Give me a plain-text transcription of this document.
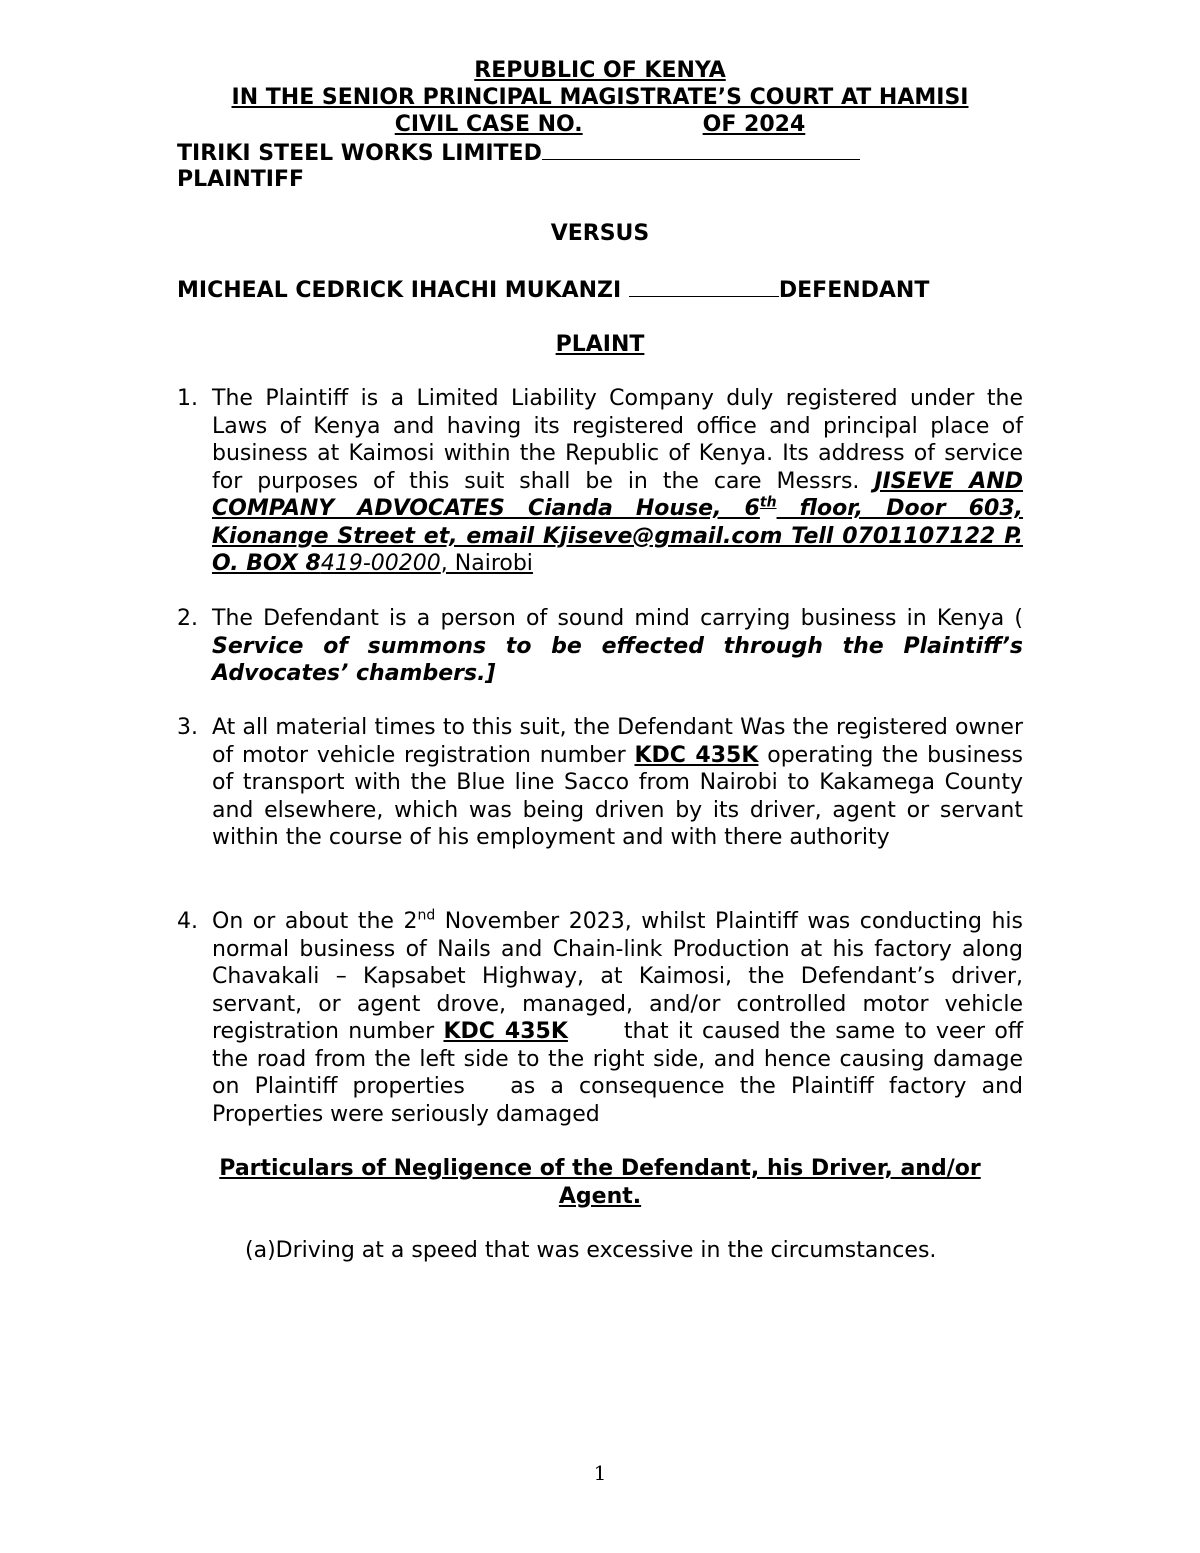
REPUBLIC OF KENYA
IN THE SENIOR PRINCIPAL MAGISTRATE’S COURT AT HAMISI
CIVIL CASE NO.	OF 2024
TIRIKI STEEL WORKS LIMITED
PLAINTIFF
VERSUS
MICHEAL CEDRICK IHACHI MUKANZI	DEFENDANT
PLAINT
1. The Plaintiff is a Limited Liability Company duly registered under the Laws of Kenya and having its registered office and principal place of business at Kaimosi within the Republic of Kenya. Its address of service for purposes of this suit shall be in the care Messrs. JISEVE AND COMPANY ADVOCATES Cianda House, 6th floor, Door 603, Kionange Street et, email Kjiseve@gmail.com Tell 0701107122 P. O. BOX 8419-00200, Nairobi
2. The Defendant is a person of sound mind carrying business in Kenya ( Service of summons to be effected through the Plaintiff’s Advocates’ chambers.]
3. At all material times to this suit, the Defendant Was the registered owner of motor vehicle registration number KDC 435K operating the business of transport with the Blue line Sacco from Nairobi to Kakamega County and elsewhere, which was being driven by its driver, agent or servant within the course of his employment and with there authority
4. On or about the 2nd November 2023, whilst Plaintiff was conducting his normal business of Nails and Chain-link Production at his factory along Chavakali – Kapsabet Highway, at Kaimosi, the Defendant’s driver, servant, or agent drove, managed, and/or controlled motor vehicle registration number KDC 435K      that it caused the same to veer off the road from the left side to the right side, and hence causing damage on Plaintiff properties   as a consequence the Plaintiff factory and Properties were seriously damaged
Particulars of Negligence of the Defendant, his Driver, and/or Agent.
(a)Driving at a speed that was excessive in the circumstances.
1
